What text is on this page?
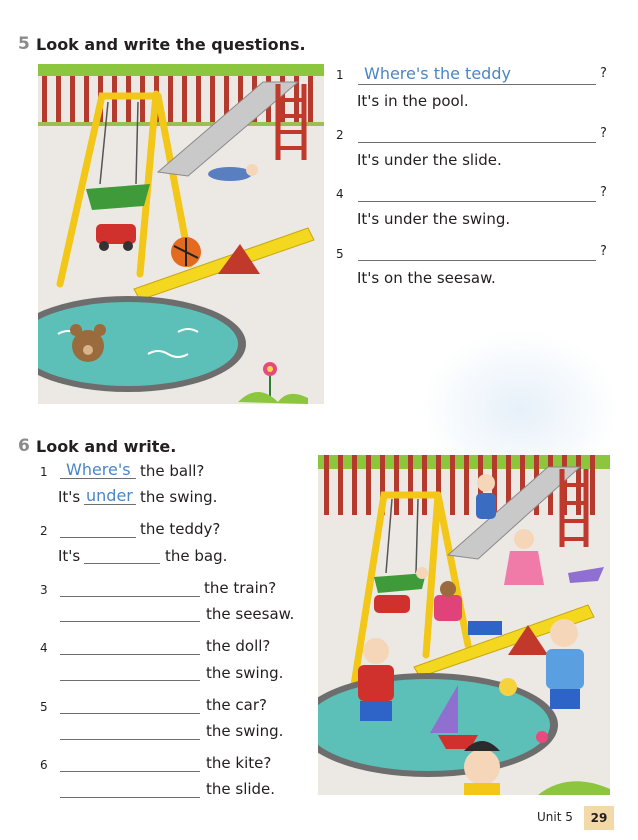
5 Look and write the questions.
1 Where's the teddy	?
It's in the pool.
2	?
It's under the slide.
4	?
It's under the swing.
5	?
It's on the seesaw.
6 Look and write.
1 Where's the ball?
It's under the swing.
2	the teddy?
It's	the bag.
3	the train?
the seesaw.
4	the doll?
the swing.
5	the car?
the swing.
6	the kite?
the slide.
Unit 5	29
